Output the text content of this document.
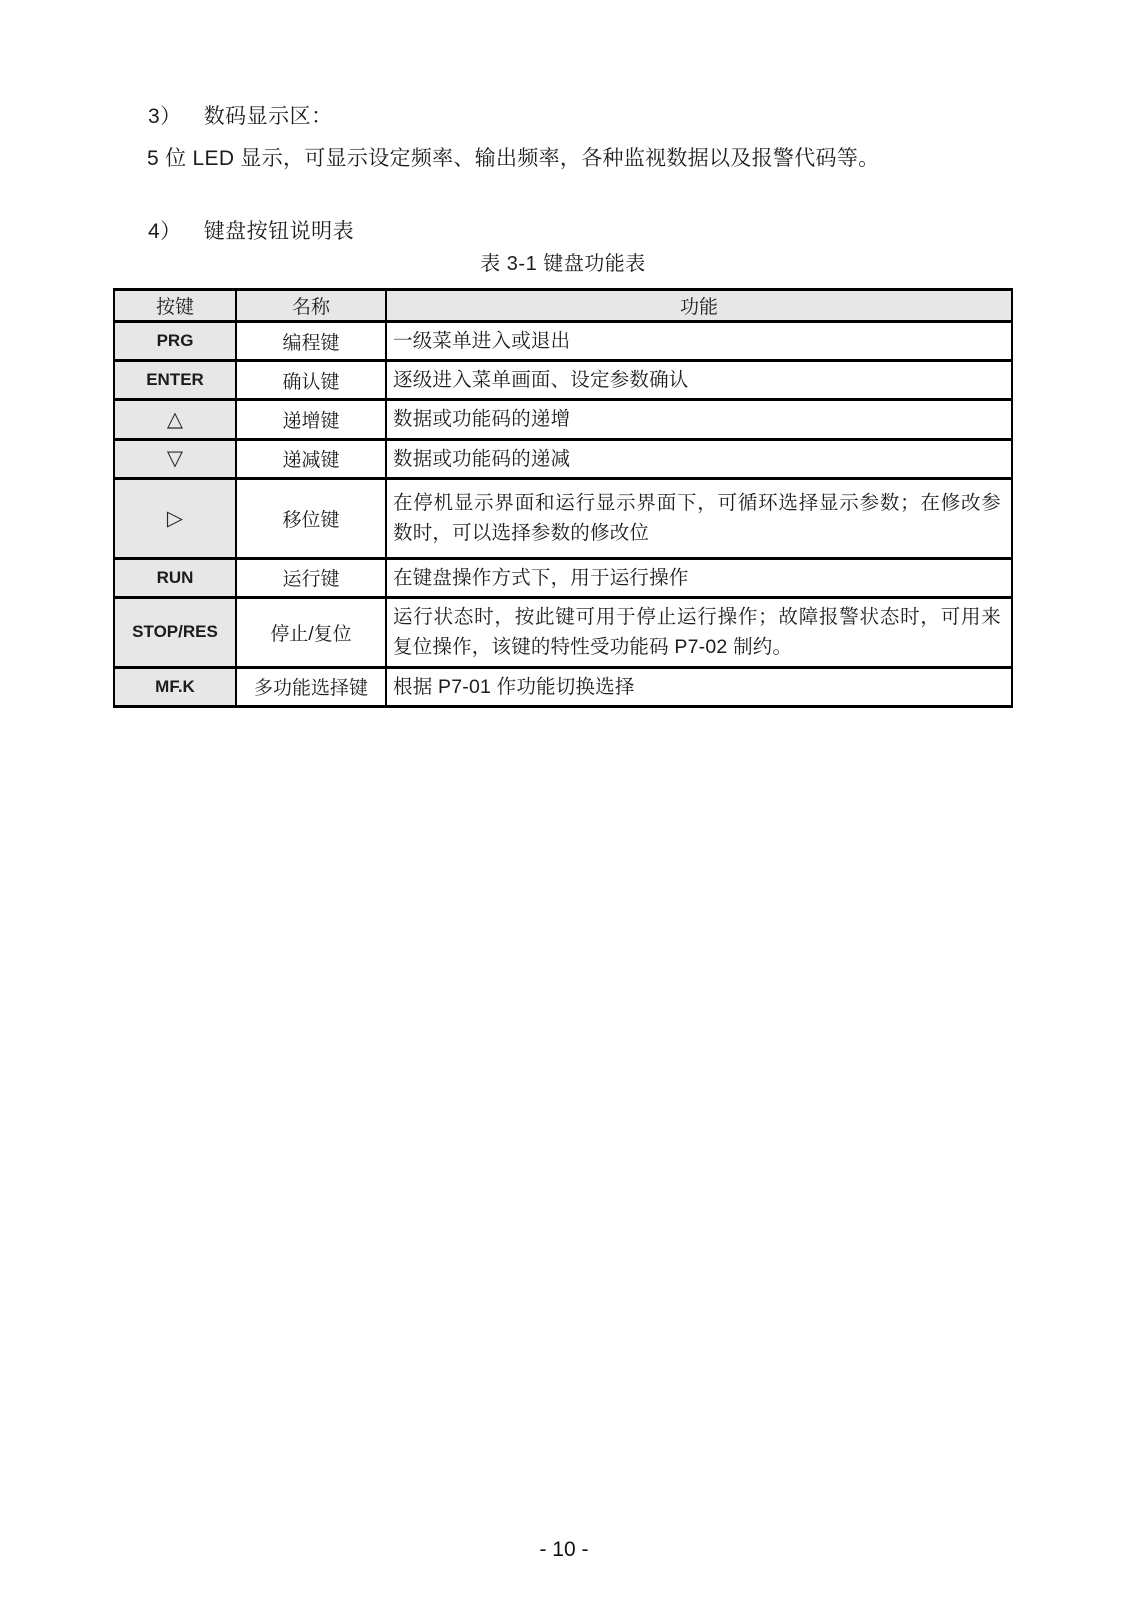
3） 数码显示区：
5 位 LED 显示，可显示设定频率、输出频率，各种监视数据以及报警代码等。
4） 键盘按钮说明表
表 3-1 键盘功能表
按键	名称	功能
PRG	编程键	一级菜单进入或退出
ENTER	确认键	逐级进入菜单画面、设定参数确认
△	递增键	数据或功能码的递增
▽	递减键	数据或功能码的递减
▷	移位键	在停机显示界面和运行显示界面下，可循环选择显示参数；在修改参数时，可以选择参数的修改位
RUN	运行键	在键盘操作方式下，用于运行操作
STOP/RES	停止/复位	运行状态时，按此键可用于停止运行操作；故障报警状态时，可用来复位操作，该键的特性受功能码 P7-02 制约。
MF.K	多功能选择键	根据 P7-01 作功能切换选择
- 10 -
